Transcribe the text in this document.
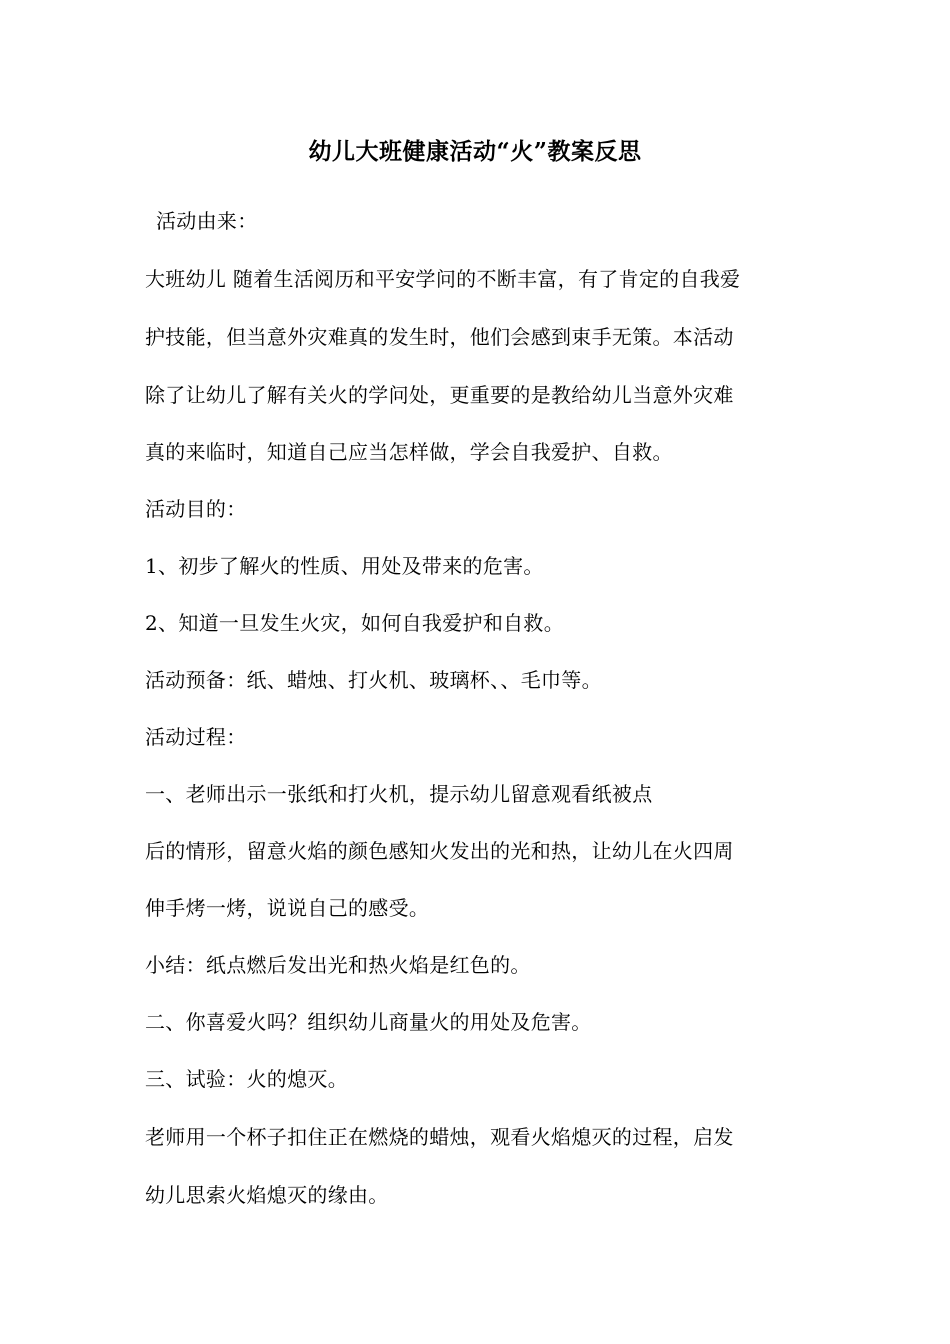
幼儿大班健康活动“火”教案反思
活动由来：
大班幼儿 随着生活阅历和平安学问的不断丰富，有了肯定的自我爱
护技能，但当意外灾难真的发生时，他们会感到束手无策。本活动
除了让幼儿了解有关火的学问处，更重要的是教给幼儿当意外灾难
真的来临时，知道自己应当怎样做，学会自我爱护、自救。
活动目的：
1、初步了解火的性质、用处及带来的危害。
2、知道一旦发生火灾，如何自我爱护和自救。
活动预备：纸、蜡烛、打火机、玻璃杯、、毛巾等。
活动过程：
一、老师出示一张纸和打火机，提示幼儿留意观看纸被点
后的情形，留意火焰的颜色感知火发出的光和热，让幼儿在火四周
伸手烤一烤，说说自己的感受。
小结：纸点燃后发出光和热火焰是红色的。
二、你喜爱火吗？组织幼儿商量火的用处及危害。
三、试验：火的熄灭。
老师用一个杯子扣住正在燃烧的蜡烛，观看火焰熄灭的过程，启发
幼儿思索火焰熄灭的缘由。
